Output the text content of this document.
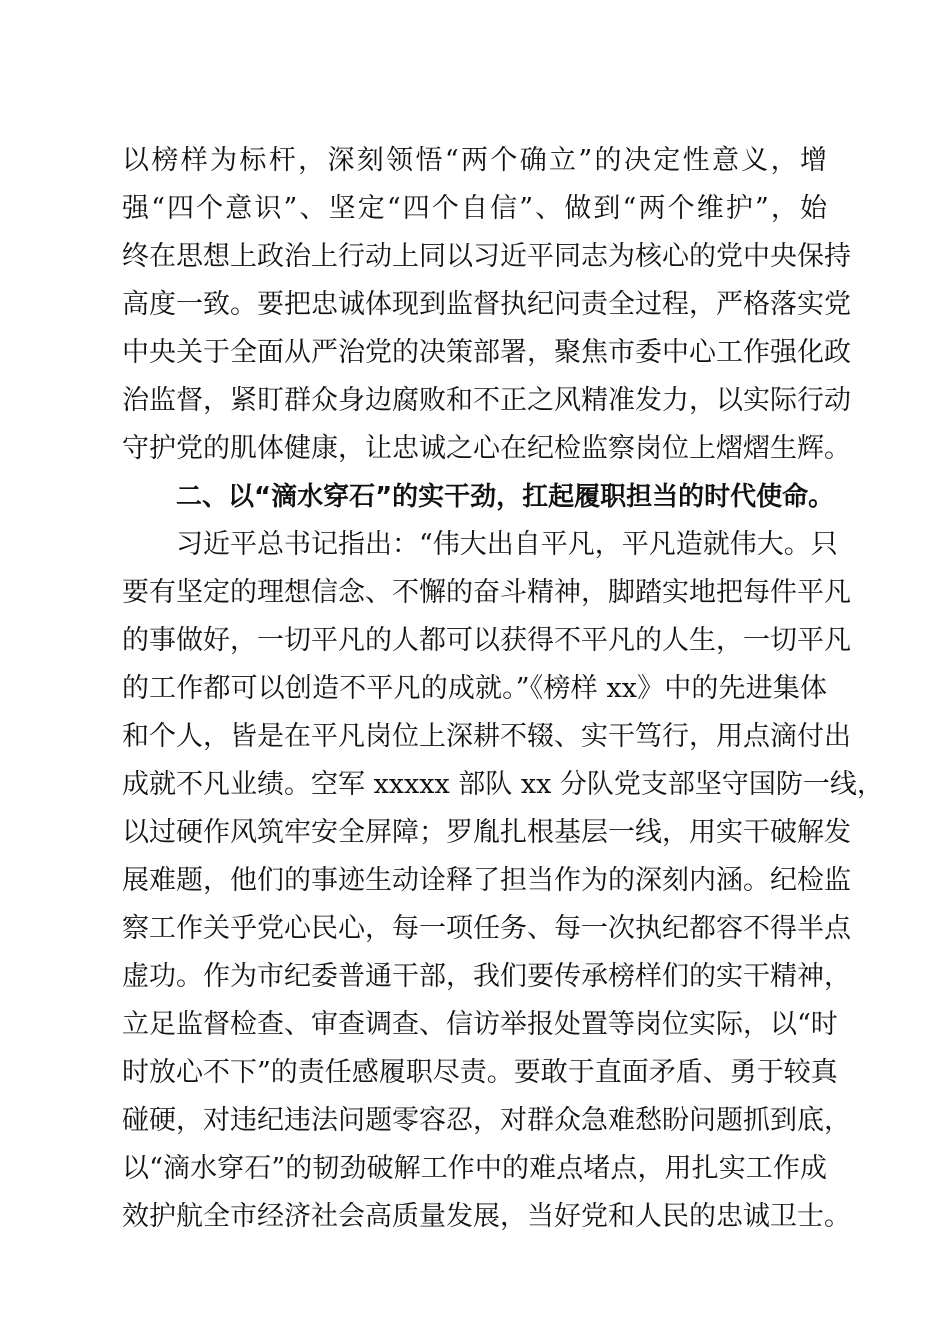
以榜样为标杆，深刻领悟“两个确立”的决定性意义，增
强“四个意识”、坚定“四个自信”、做到“两个维护”，始
终在思想上政治上行动上同以习近平同志为核心的党中央保持
高度一致。要把忠诚体现到监督执纪问责全过程，严格落实党
中央关于全面从严治党的决策部署，聚焦市委中心工作强化政
治监督，紧盯群众身边腐败和不正之风精准发力，以实际行动
守护党的肌体健康，让忠诚之心在纪检监察岗位上熠熠生辉。
二、以“滴水穿石”的实干劲，扛起履职担当的时代使命。
习近平总书记指出：“伟大出自平凡，平凡造就伟大。只
要有坚定的理想信念、不懈的奋斗精神，脚踏实地把每件平凡
的事做好，一切平凡的人都可以获得不平凡的人生，一切平凡
的工作都可以创造不平凡的成就。”《榜样 xx》中的先进集体
和个人，皆是在平凡岗位上深耕不辍、实干笃行，用点滴付出
成就不凡业绩。空军 xxxxx 部队 xx 分队党支部坚守国防一线，
以过硬作风筑牢安全屏障；罗胤扎根基层一线，用实干破解发
展难题，他们的事迹生动诠释了担当作为的深刻内涵。纪检监
察工作关乎党心民心，每一项任务、每一次执纪都容不得半点
虚功。作为市纪委普通干部，我们要传承榜样们的实干精神，
立足监督检查、审查调查、信访举报处置等岗位实际，以“时
时放心不下”的责任感履职尽责。要敢于直面矛盾、勇于较真
碰硬，对违纪违法问题零容忍，对群众急难愁盼问题抓到底，
以“滴水穿石”的韧劲破解工作中的难点堵点，用扎实工作成
效护航全市经济社会高质量发展，当好党和人民的忠诚卫士。
